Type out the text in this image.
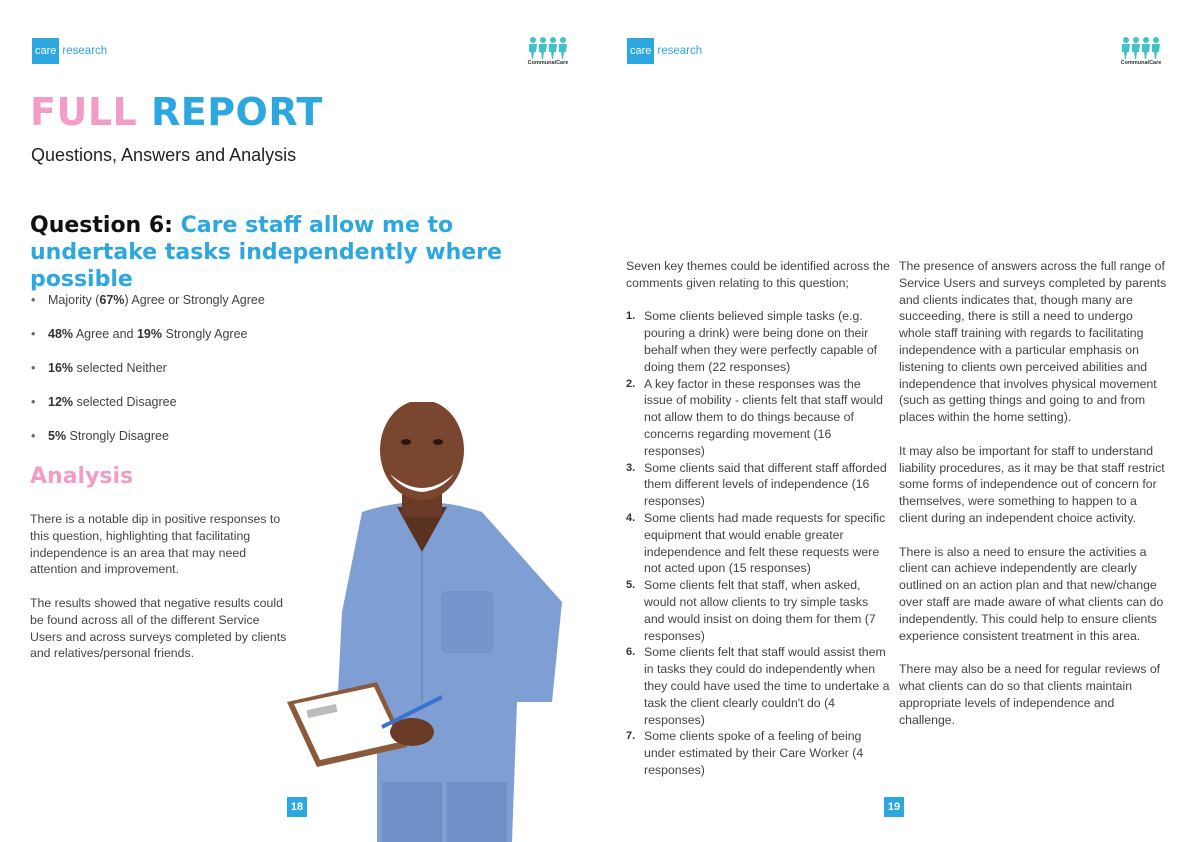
care research
CommunalCare
FULL REPORT
Questions, Answers and Analysis
Question 6: Care staff allow me to undertake tasks independently where possible
• Majority (67%) Agree or Strongly Agree
• 48% Agree and 19% Strongly Agree
• 16% selected Neither
• 12% selected Disagree
• 5% Strongly Disagree
Analysis

There is a notable dip in positive responses to this question, highlighting that facilitating independence is an area that may need attention and improvement.

The results showed that negative results could be found across all of the different Service Users and across surveys completed by clients and relatives/personal friends.

18
care research
CommunalCare
Seven key themes could be identified across the comments given relating to this question;
1. Some clients believed simple tasks (e.g. pouring a drink) were being done on their behalf when they were perfectly capable of doing them (22 responses)
2. A key factor in these responses was the issue of mobility - clients felt that staff would not allow them to do things because of concerns regarding movement (16 responses)
3. Some clients said that different staff afforded them different levels of independence (16 responses)
4. Some clients had made requests for specific equipment that would enable greater independence and felt these requests were not acted upon (15 responses)
5. Some clients felt that staff, when asked, would not allow clients to try simple tasks and would insist on doing them for them (7 responses)
6. Some clients felt that staff would assist them in tasks they could do independently when they could have used the time to undertake a task the client clearly couldn't do (4 responses)
7. Some clients spoke of a feeling of being under estimated by their Care Worker (4 responses)

The presence of answers across the full range of Service Users and surveys completed by parents and clients indicates that, though many are succeeding, there is still a need to undergo whole staff training with regards to facilitating independence with a particular emphasis on listening to clients own perceived abilities and independence that involves physical movement (such as getting things and going to and from places within the home setting).

It may also be important for staff to understand liability procedures, as it may be that staff restrict some forms of independence out of concern for themselves, were something to happen to a client during an independent choice activity.

There is also a need to ensure the activities a client can achieve independently are clearly outlined on an action plan and that new/change over staff are made aware of what clients can do independently. This could help to ensure clients experience consistent treatment in this area.

There may also be a need for regular reviews of what clients can do so that clients maintain appropriate levels of independence and challenge.

19
